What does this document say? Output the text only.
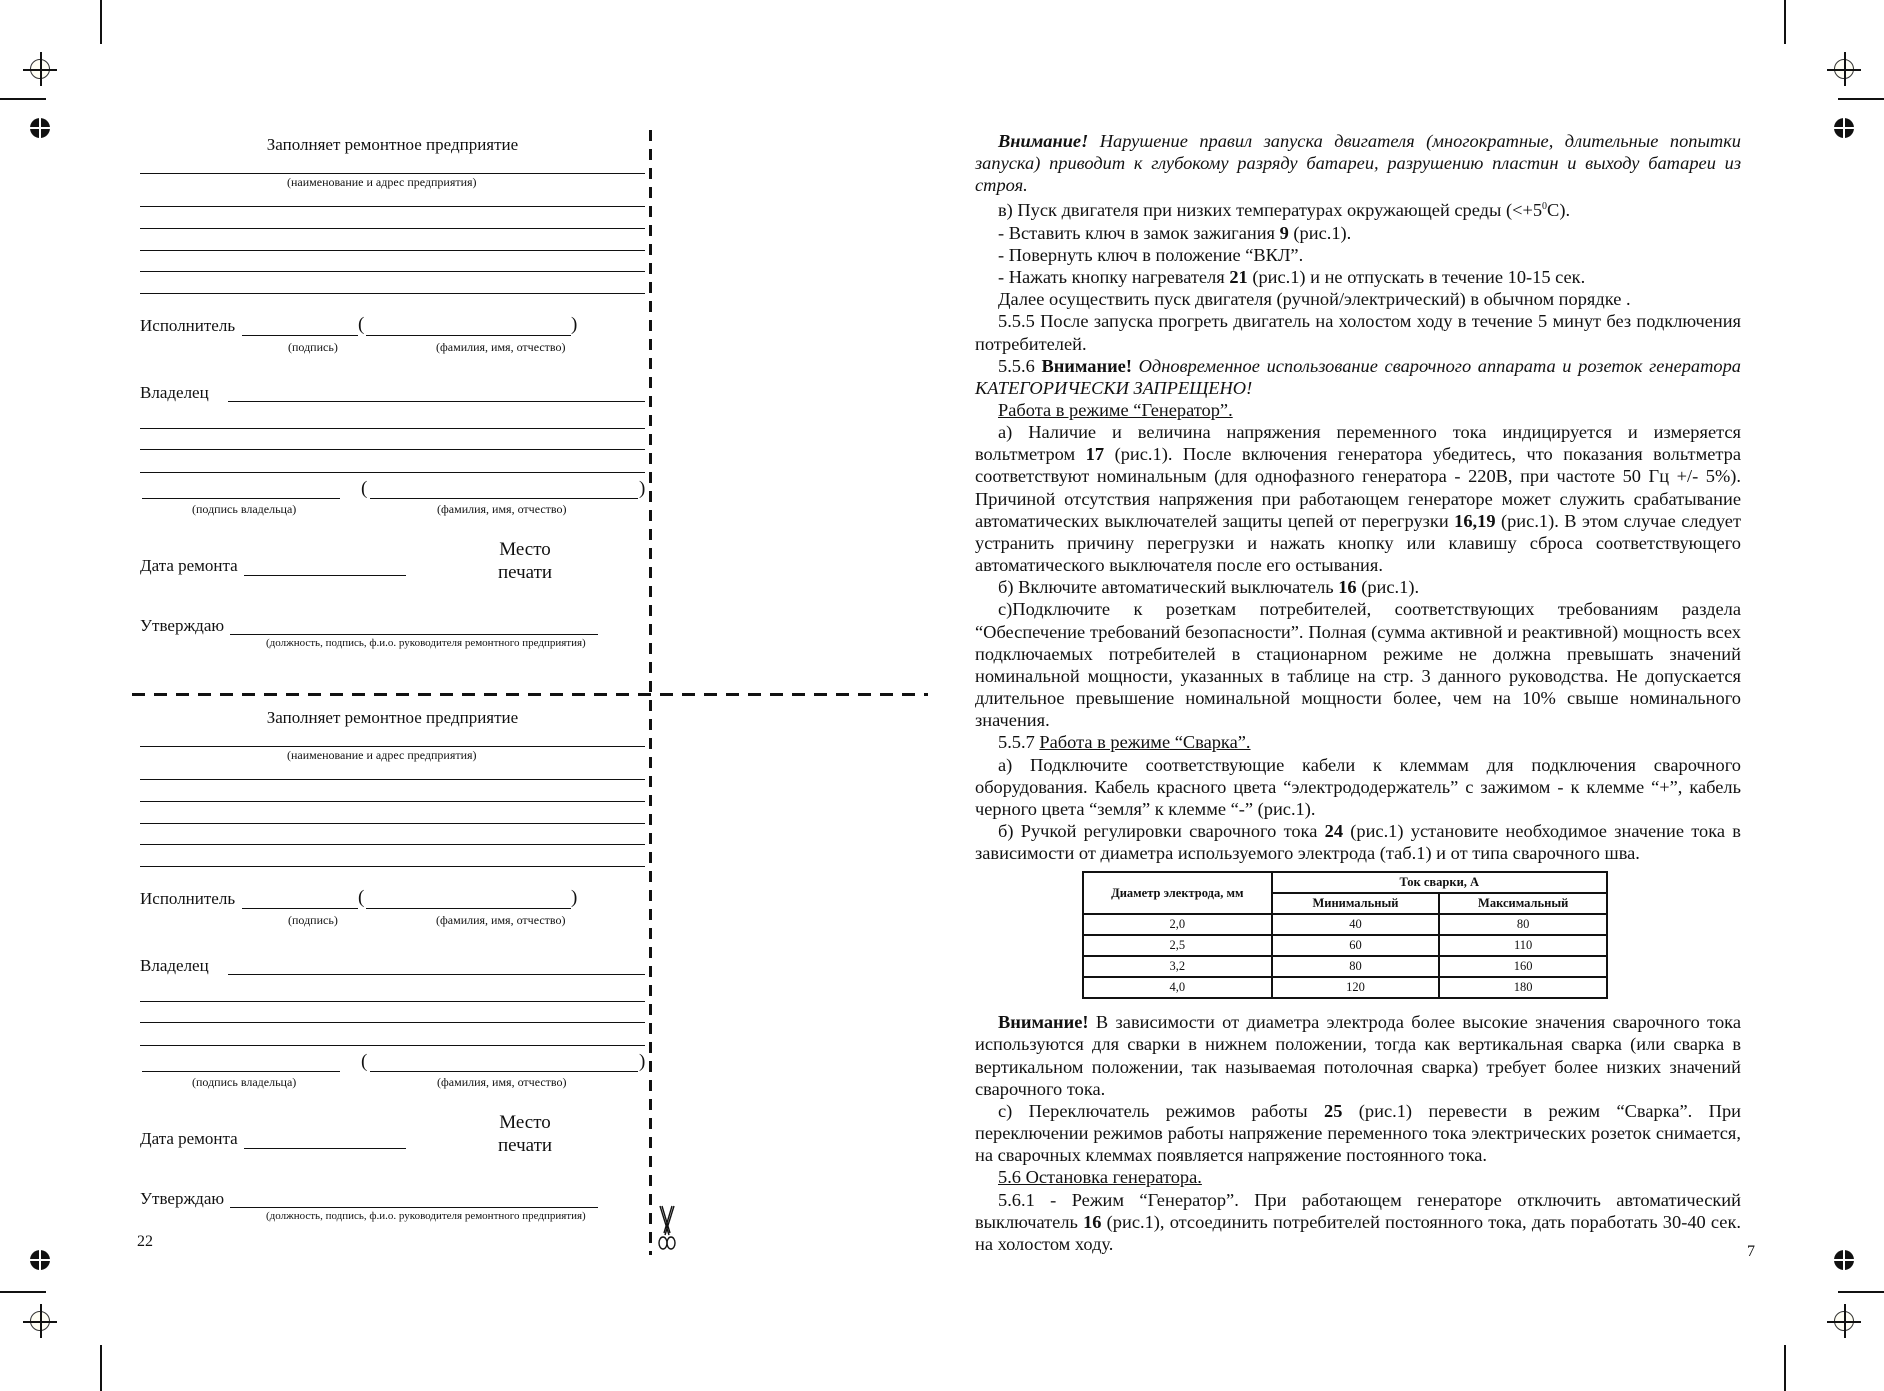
Заполняет ремонтное предприятие
(наименование и адрес предприятия)
Исполнитель	(	)
(подпись)	(фамилия, имя, отчество)
Владелец
(	)
(подпись владельца)	(фамилия, имя, отчество)
Дата ремонта
Место
печати
Утверждаю
(должность, подпись, ф.и.о. руководителя ремонтного предприятия)
Заполняет ремонтное предприятие
(наименование и адрес предприятия)
Исполнитель	(	)
(подпись)	(фамилия, имя, отчество)
Владелец
(	)
(подпись владельца)	(фамилия, имя, отчество)
Дата ремонта
Место
печати
Утверждаю
(должность, подпись, ф.и.о. руководителя ремонтного предприятия)
22

Внимание! Нарушение правил запуска двигателя (многократные, длительные попытки запуска) приводит к глубокому разряду батареи, разрушению пластин и выходу батареи из строя.

в) Пуск двигателя при низких температурах окружающей среды $(<+5^0С)$.

- Вставить ключ в замок зажигания 9 (рис.1).

- Повернуть ключ в положение “ВКЛ”.

- Нажать кнопку нагревателя 21 (рис.1) и не отпускать в течение 10-15 сек.

Далее осуществить пуск двигателя (ручной/электрический) в обычном порядке .

5.5.5 После запуска прогреть двигатель на холостом ходу в течение 5 минут без подключения потребителей.

5.5.6 Внимание! Одновременное использование сварочного аппарата и розеток генератора КАТЕГОРИЧЕСКИ ЗАПРЕЩЕНО!

Работа в режиме “Генератор”.

а) Наличие и величина напряжения переменного тока индицируется и измеряется вольтметром 17 (рис.1). После включения генератора убедитесь, что показания вольтметра соответствуют номинальным (для однофазного генератора - 220В, при частоте 50 Гц +/- 5%). Причиной отсутствия напряжения при работающем генераторе может служить срабатывание автоматических выключателей защиты цепей от перегрузки 16,19 (рис.1). В этом случае следует устранить причину перегрузки и нажать кнопку или клавишу сброса соответствующего автоматического выключателя после его остывания.

б) Включите автоматический выключатель 16 (рис.1).

с)Подключите к розеткам потребителей, соответствующих требованиям раздела “Обеспечение требований безопасности”. Полная (сумма активной и реактивной) мощность всех подключаемых потребителей в стационарном режиме не должна превышать значений номинальной мощности, указанных в таблице на стр. 3 данного руководства. Не допускается длительное превышение номинальной мощности более, чем на 10% свыше номинального значения.

5.5.7 Работа в режиме “Сварка”.

а) Подключите соответствующие кабели к клеммам для подключения сварочного оборудования. Кабель красного цвета “электрододержатель” с зажимом - к клемме “+”, кабель черного цвета “земля” к клемме “-” (рис.1).

б) Ручкой регулировки сварочного тока 24 (рис.1) установите необходимое значение тока в зависимости от диаметра используемого электрода (таб.1) и от типа сварочного шва.

Внимание! В зависимости от диаметра электрода более высокие значения сварочного тока используются для сварки в нижнем положении, тогда как вертикальная сварка (или сварка в вертикальном положении, так называемая потолочная сварка) требует более низких значений сварочного тока.

с) Переключатель режимов работы 25 (рис.1) перевести в режим “Сварка”. При переключении режимов работы напряжение переменного тока электрических розеток снимается, на сварочных клеммах появляется напряжение постоянного тока.

5.6 Остановка генератора.

5.6.1 - Режим “Генератор”. При работающем генераторе отключить автоматический выключатель 16 (рис.1), отсоединить потребителей постоянного тока, дать поработать 30-40 сек. на холостом ходу.

Диаметр электрода, мм	Ток сварки, А	
	Минимальный	Максимальный
2,0	40	80
2,5	60	110
3,2	80	160
4,0	120	180
7
